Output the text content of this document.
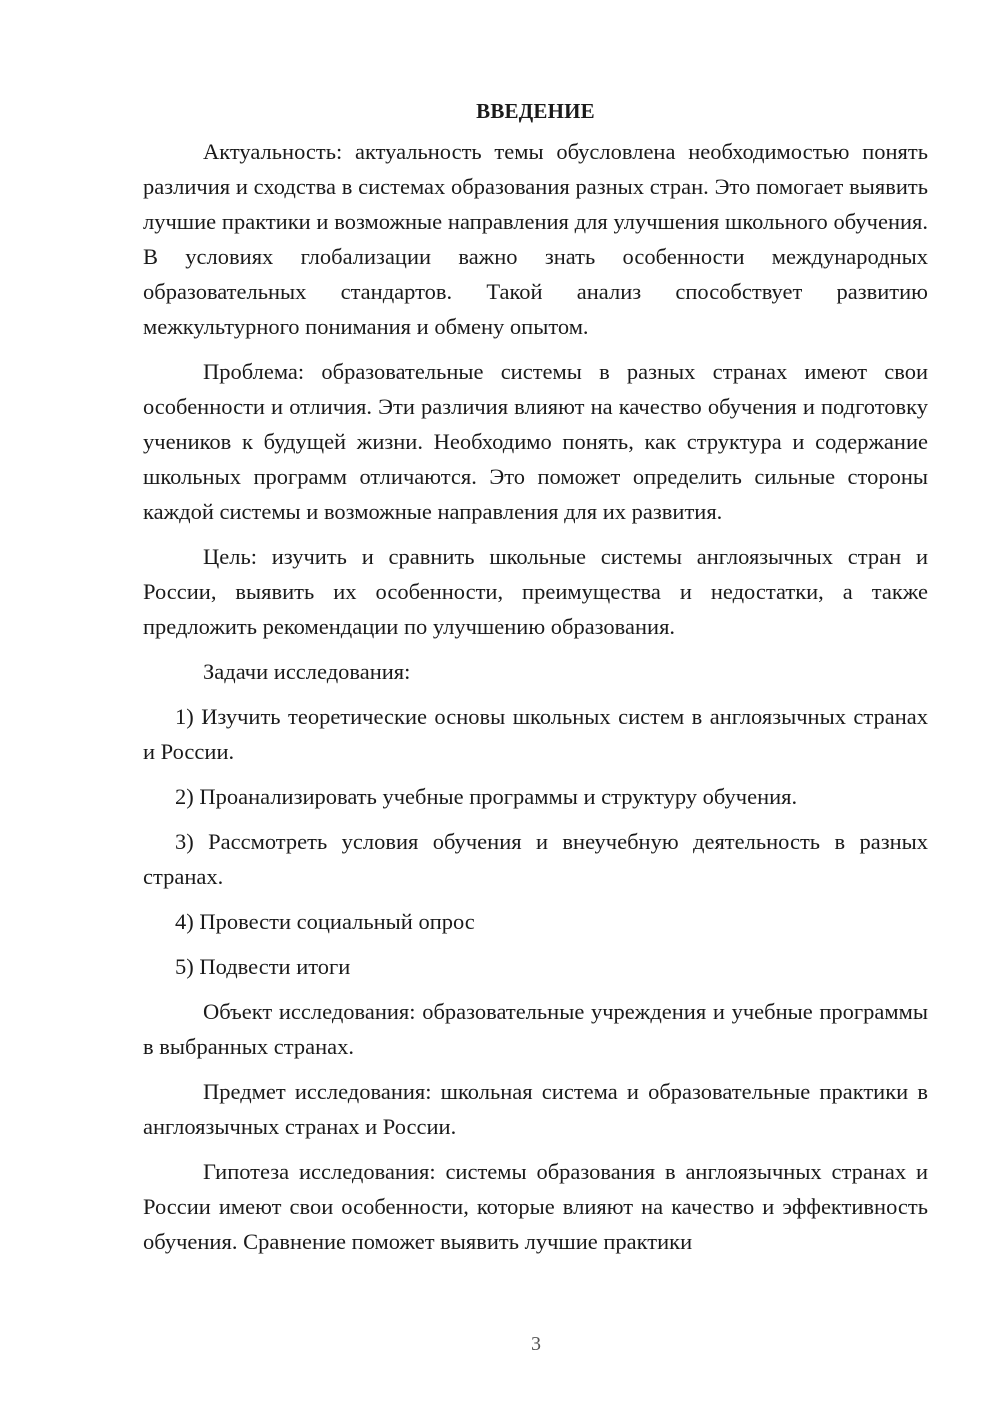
ВВЕДЕНИЕ

Актуальность: актуальность темы обусловлена необходимостью понять различия и сходства в системах образования разных стран. Это помогает выявить лучшие практики и возможные направления для улучшения школьного обучения. В условиях глобализации важно знать особенности международных образовательных стандартов. Такой анализ способствует развитию межкультурного понимания и обмену опытом.

Проблема: образовательные системы в разных странах имеют свои особенности и отличия. Эти различия влияют на качество обучения и подготовку учеников к будущей жизни. Необходимо понять, как структура и содержание школьных программ отличаются. Это поможет определить сильные стороны каждой системы и возможные направления для их развития.

Цель: изучить и сравнить школьные системы англоязычных стран и России, выявить их особенности, преимущества и недостатки, а также предложить рекомендации по улучшению образования.

Задачи исследования:

1) Изучить теоретические основы школьных систем в англоязычных странах и России.

2) Проанализировать учебные программы и структуру обучения.

3) Рассмотреть условия обучения и внеучебную деятельность в разных странах.

4) Провести социальный опрос

5) Подвести итоги

Объект исследования: образовательные учреждения и учебные программы в выбранных странах.

Предмет исследования: школьная система и образовательные практики в англоязычных странах и России.

Гипотеза исследования: системы образования в англоязычных странах и России имеют свои особенности, которые влияют на качество и эффективность обучения. Сравнение поможет выявить лучшие практики

3
